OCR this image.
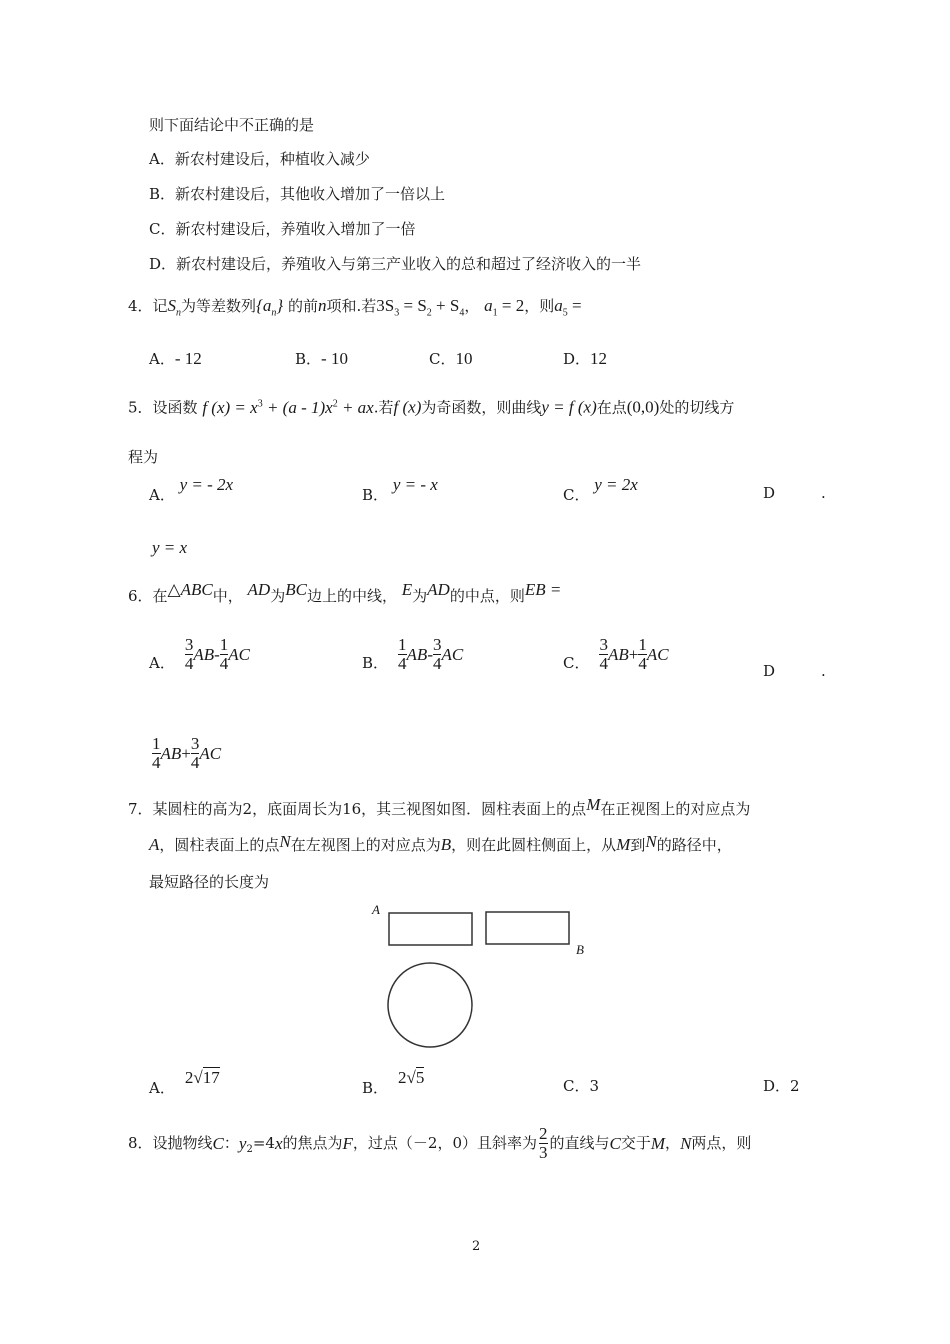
则下面结论中不正确的是
A．新农村建设后，种植收入减少
B．新农村建设后，其他收入增加了一倍以上
C．新农村建设后，养殖收入增加了一倍
D．新农村建设后，养殖收入与第三产业收入的总和超过了经济收入的一半
4．记$S_n$为等差数列$\{a_n\}$ 的前n项和.若$3S_3 = S_2 + S_4$， $a_1 = 2$，则$a_5$ =
A．- 12	B．- 10	C．10	D．12
5．设函数 f $(x) = x^3 + (a - 1)x^2$ + ax.若f (x)为奇函数，则曲线y = f (x)在点(0,0)处的切线方
程为
A． y = - 2x
B． y = - x
C． y = 2x	D	.
y = x
6．在△ABC中， AD为BC边上的中线， E为AD的中点，则EB =
A． $\frac{3}{4}$ AB - $\frac{1}{4}$ AC	B． $\frac{1}{4}$ AB - $\frac{3}{4}$ AC	C． $\frac{3}{4}$ AB + $\frac{1}{4}$ AC
D	.
$\frac{1}{4}$ AB + $\frac{3}{4}$ AC
7．某圆柱的高为2，底面周长为16，其三视图如图．圆柱表面上的点M在正视图上的对应点为
A，圆柱表面上的点N在左视图上的对应点为B，则在此圆柱侧面上，从M到N的路径中，
最短路径的长度为
A
B
A．2√17
B．2√5	C．3	D．2
8．设抛物线 C ： $y_2 =4$ x 的焦点为 F ，过点（－2，0）且斜率为 $\frac{2}{3}$ 的直线与 C 交于 M ， N 两点，则
2
